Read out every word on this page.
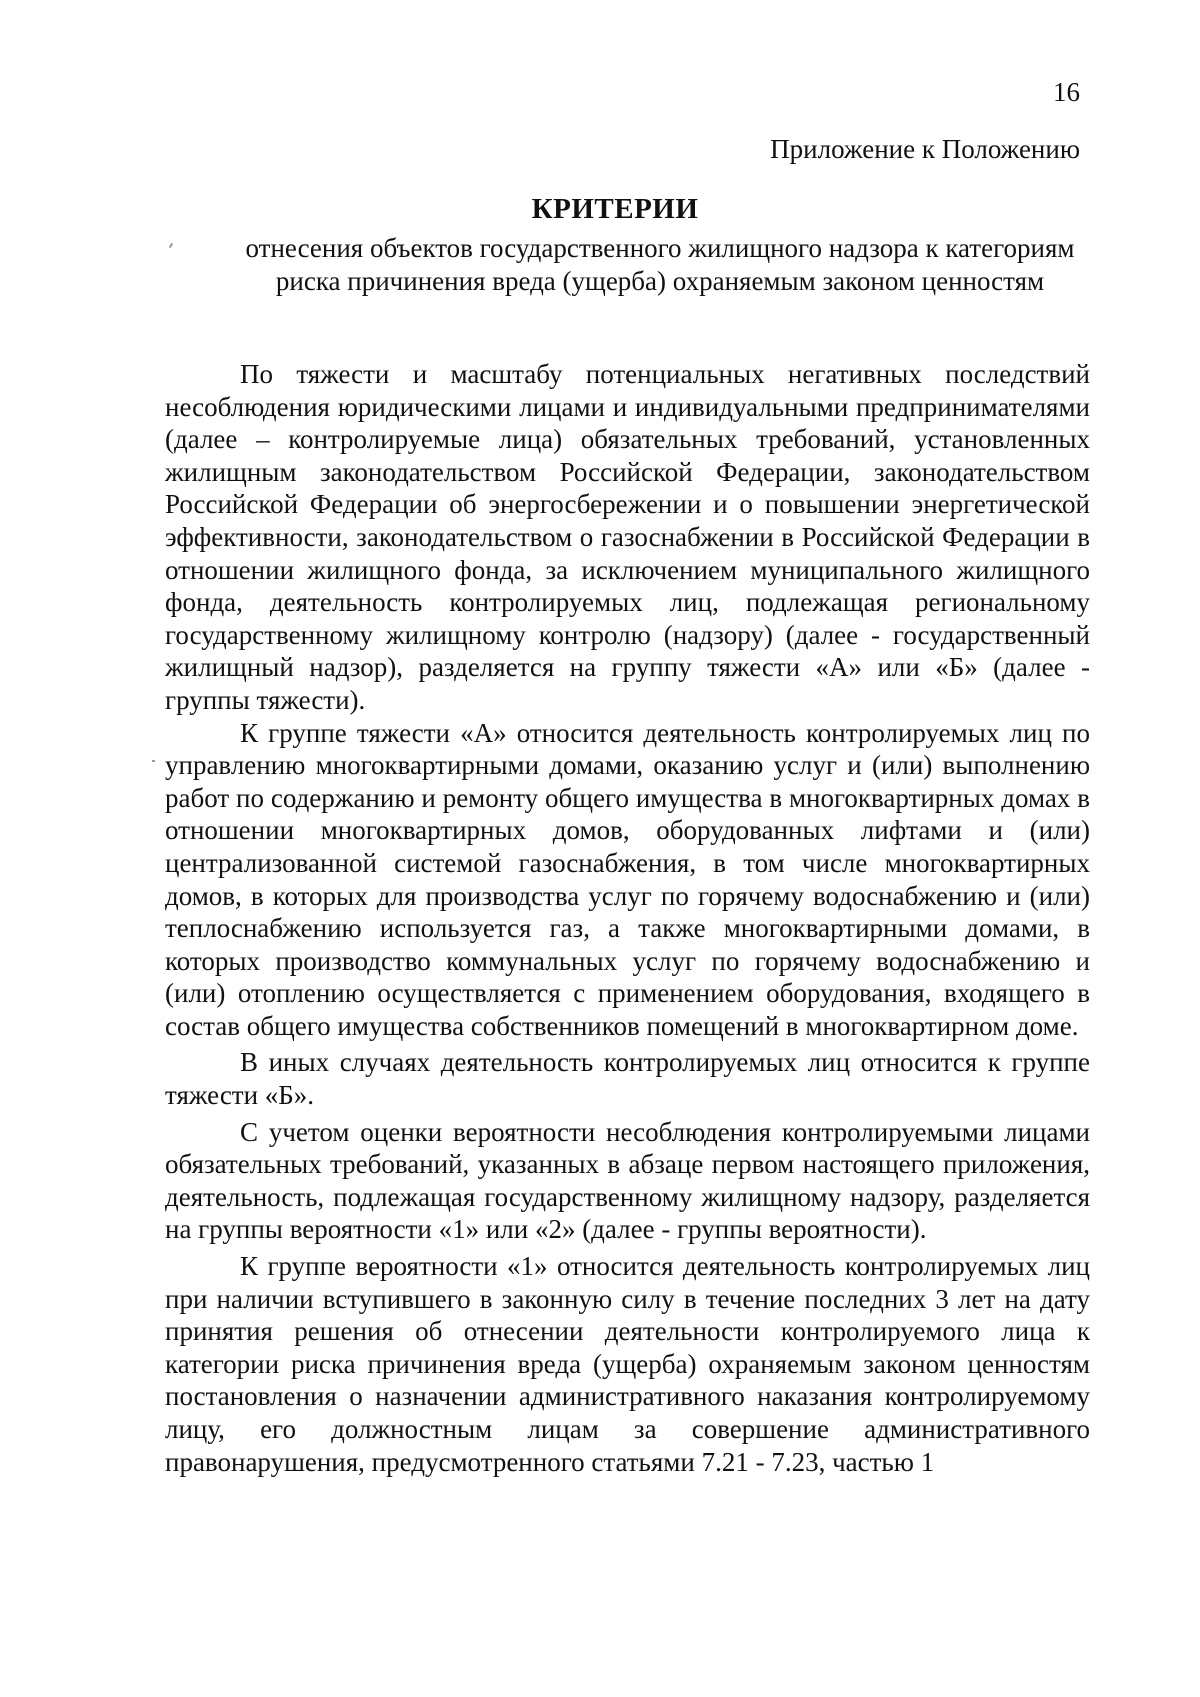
16
Приложение к Положению
КРИТЕРИИ
отнесения объектов государственного жилищного надзора к категориям риска причинения вреда (ущерба) охраняемым законом ценностям

По тяжести и масштабу потенциальных негативных последствий несоблюдения юридическими лицами и индивидуальными предпринимателями (далее – контролируемые лица) обязательных требований, установленных жилищным законодательством Российской Федерации, законодательством Российской Федерации об энергосбережении и о повышении энергетической эффективности, законодательством о газоснабжении в Российской Федерации в отношении жилищного фонда, за исключением муниципального жилищного фонда, деятельность контролируемых лиц, подлежащая региональному государственному жилищному контролю (надзору) (далее - государственный жилищный надзор), разделяется на группу тяжести «А» или «Б» (далее - группы тяжести).

К группе тяжести «А» относится деятельность контролируемых лиц по управлению многоквартирными домами, оказанию услуг и (или) выполнению работ по содержанию и ремонту общего имущества в многоквартирных домах в отношении многоквартирных домов, оборудованных лифтами и (или) централизованной системой газоснабжения, в том числе многоквартирных домов, в которых для производства услуг по горячему водоснабжению и (или) теплоснабжению используется газ, а также многоквартирными домами, в которых производство коммунальных услуг по горячему водоснабжению и (или) отоплению осуществляется с применением оборудования, входящего в состав общего имущества собственников помещений в многоквартирном доме.

В иных случаях деятельность контролируемых лиц относится к группе тяжести «Б».

С учетом оценки вероятности несоблюдения контролируемыми лицами обязательных требований, указанных в абзаце первом настоящего приложения, деятельность, подлежащая государственному жилищному надзору, разделяется на группы вероятности «1» или «2» (далее - группы вероятности).

К группе вероятности «1» относится деятельность контролируемых лиц при наличии вступившего в законную силу в течение последних 3 лет на дату принятия решения об отнесении деятельности контролируемого лица к категории риска причинения вреда (ущерба) охраняемым законом ценностям постановления о назначении административного наказания контролируемому лицу, его должностным лицам за совершение административного правонарушения, предусмотренного статьями 7.21 - 7.23, частью 1
